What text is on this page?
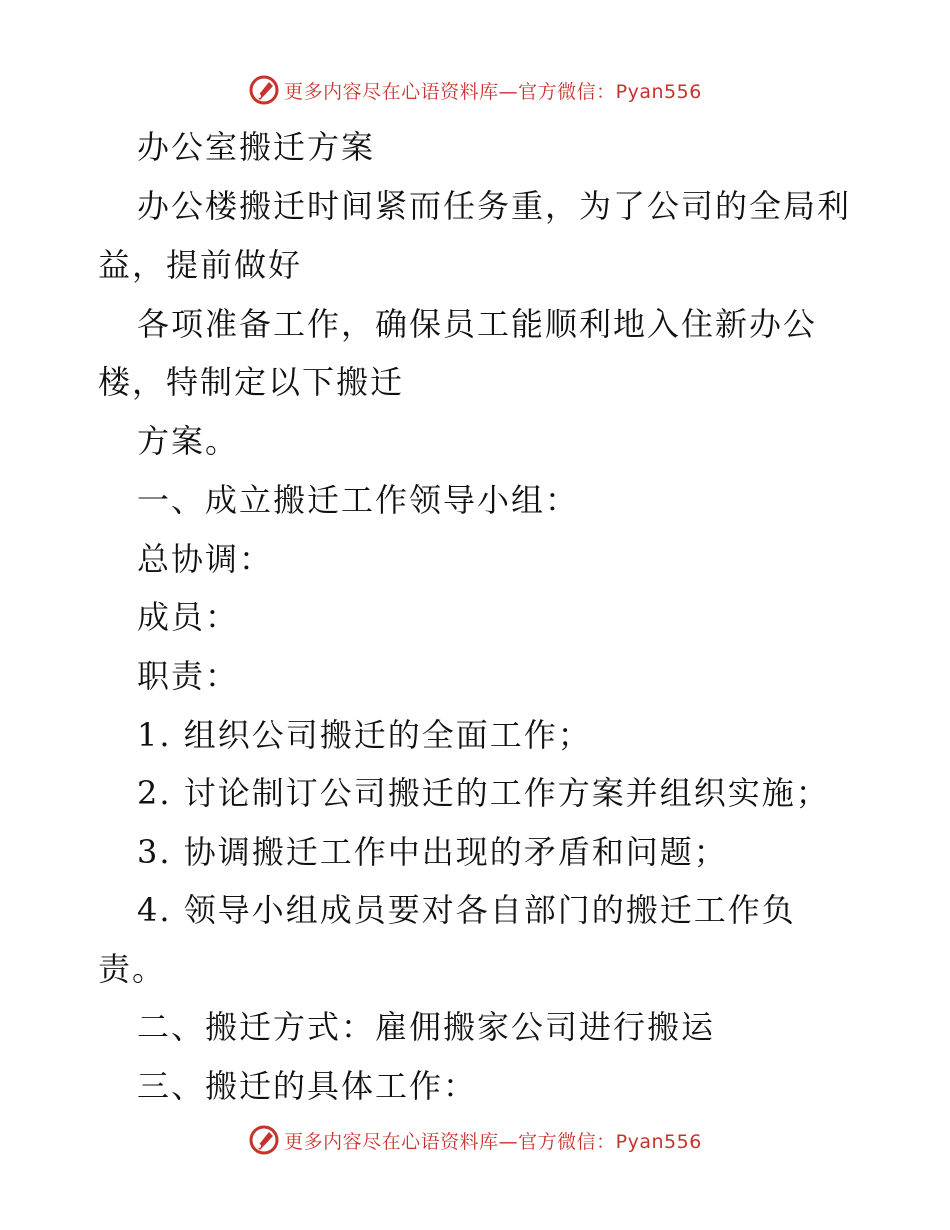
更多内容尽在心语资料库—官方微信：Pyan556
办公室搬迁方案
办公楼搬迁时间紧而任务重，为了公司的全局利
益，提前做好
各项准备工作，确保员工能顺利地入住新办公
楼，特制定以下搬迁
方案。
一、成立搬迁工作领导小组：
总协调：
成员：
职责：
1. 组织公司搬迁的全面工作；
2. 讨论制订公司搬迁的工作方案并组织实施；
3. 协调搬迁工作中出现的矛盾和问题；
4. 领导小组成员要对各自部门的搬迁工作负
责。
二、搬迁方式：雇佣搬家公司进行搬运
三、搬迁的具体工作：
更多内容尽在心语资料库—官方微信：Pyan556
